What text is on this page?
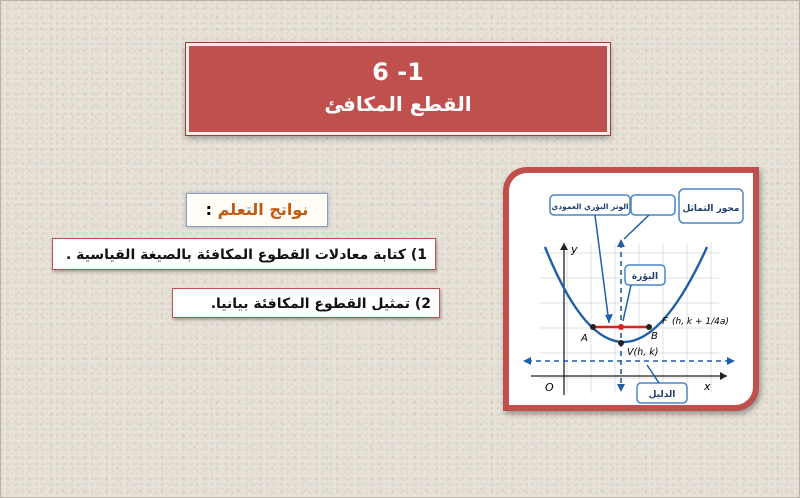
6 -1
القطع المكافئ
نواتج التعلم :
1) كتابة معادلات القطوع المكافئة بالصيغة القياسية .
2) تمثيل القطوع المكافئة بيانيا.
x
y
O
A	B
F (h, k + 1/4a)
V(h, k)
الوتر البؤري العمودي	محور التماثل
البؤرة
الدليل
